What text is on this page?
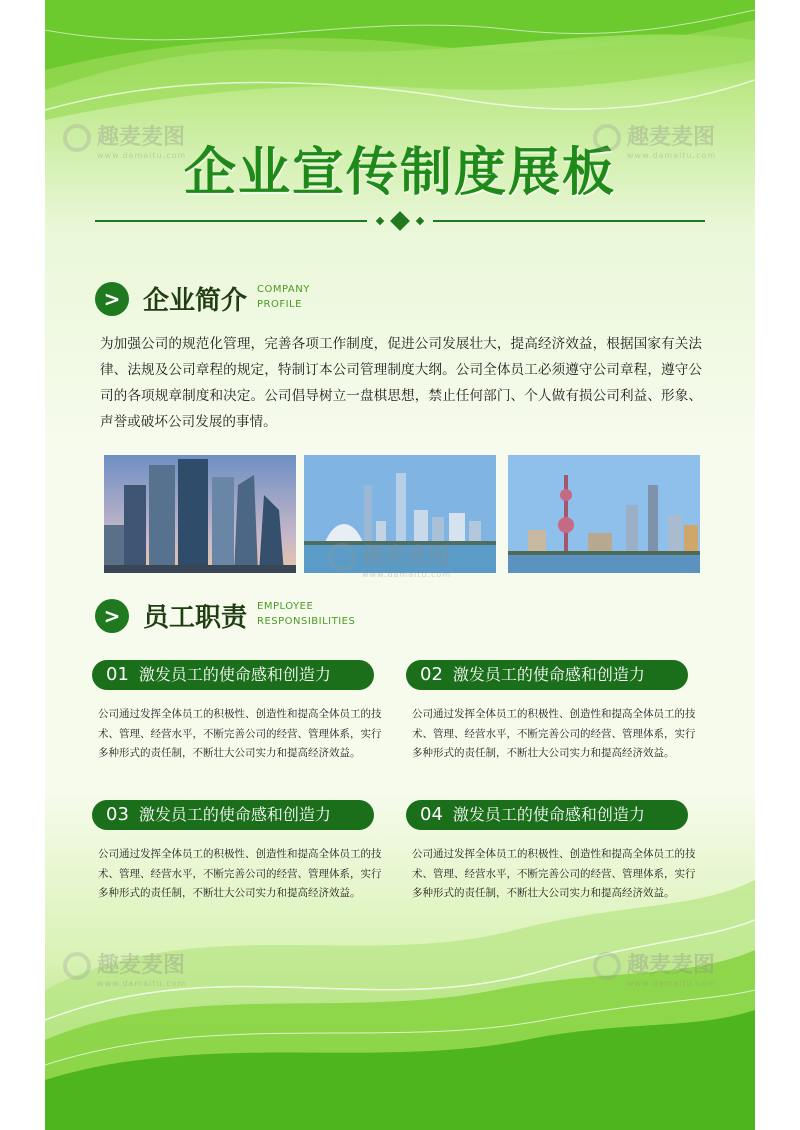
企业宣传制度展板
> 企业简介 COMPANY
PROFILE
为加强公司的规范化管理，完善各项工作制度，促进公司发展壮大，提高经济效益，根据国家有关法律、法规及公司章程的规定，特制订本公司管理制度大纲。公司全体员工必须遵守公司章程，遵守公司的各项规章制度和决定。公司倡导树立一盘棋思想，禁止任何部门、个人做有损公司利益、形象、声誉或破坏公司发展的事情。
> 员工职责 EMPLOYEE
RESPONSIBILITIES
01 激发员工的使命感和创造力
公司通过发挥全体员工的积极性、创造性和提高全体员工的技术、管理、经营水平，不断完善公司的经营、管理体系，实行多种形式的责任制，不断壮大公司实力和提高经济效益。
02 激发员工的使命感和创造力
公司通过发挥全体员工的积极性、创造性和提高全体员工的技术、管理、经营水平，不断完善公司的经营、管理体系，实行多种形式的责任制，不断壮大公司实力和提高经济效益。
03 激发员工的使命感和创造力
公司通过发挥全体员工的积极性、创造性和提高全体员工的技术、管理、经营水平，不断完善公司的经营、管理体系，实行多种形式的责任制，不断壮大公司实力和提高经济效益。
04 激发员工的使命感和创造力
公司通过发挥全体员工的积极性、创造性和提高全体员工的技术、管理、经营水平，不断完善公司的经营、管理体系，实行多种形式的责任制，不断壮大公司实力和提高经济效益。
趣麦麦图
www.damaitu.com
趣麦麦图
www.damaitu.com
趣麦麦图
www.damaitu.com
趣麦麦图
www.damaitu.com
趣麦麦图
www.damaitu.com
